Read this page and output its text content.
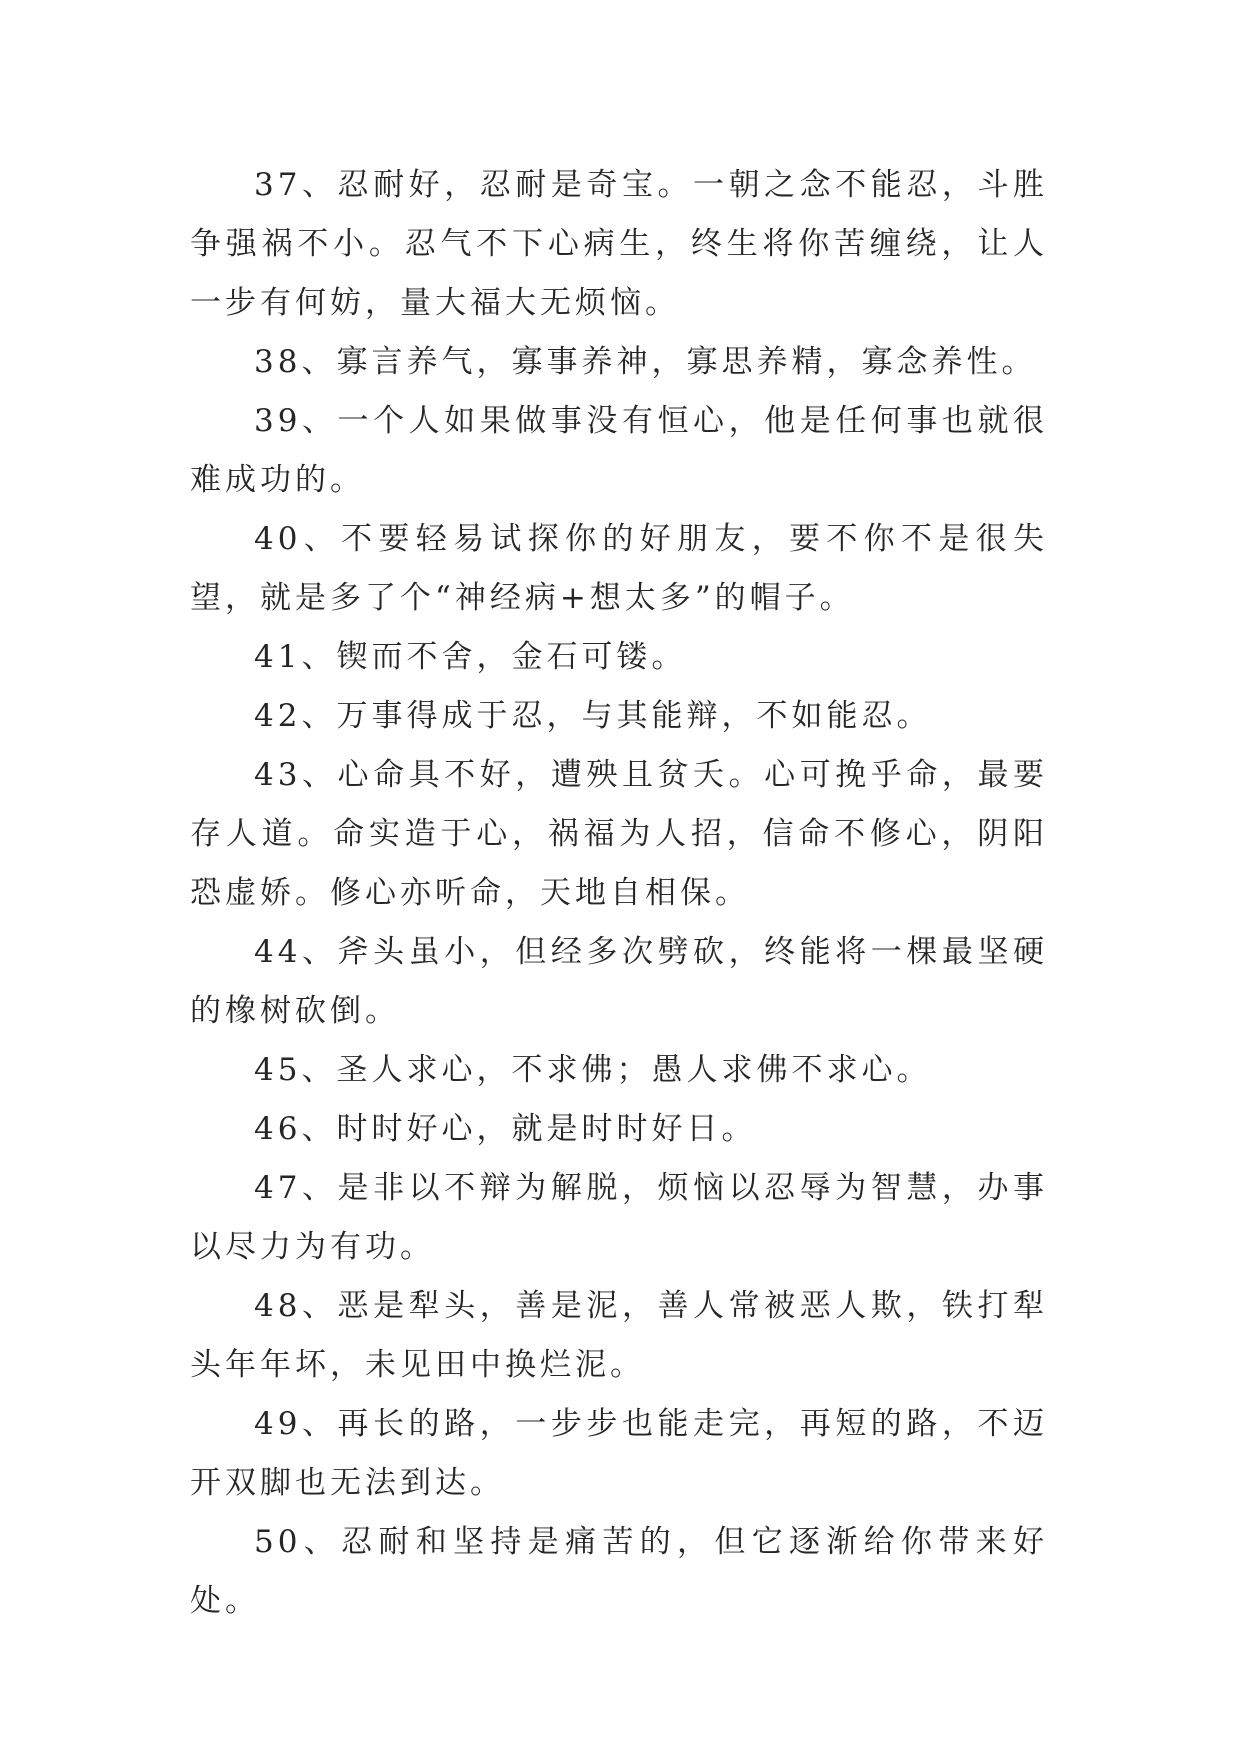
37、忍耐好，忍耐是奇宝。一朝之念不能忍，斗胜争强祸不小。忍气不下心病生，终生将你苦缠绕，让人一步有何妨，量大福大无烦恼。

38、寡言养气，寡事养神，寡思养精，寡念养性。

39、一个人如果做事没有恒心，他是任何事也就很难成功的。

40、不要轻易试探你的好朋友，要不你不是很失望，就是多了个“神经病+想太多”的帽子。

41、锲而不舍，金石可镂。

42、万事得成于忍，与其能辩，不如能忍。

43、心命具不好，遭殃且贫夭。心可挽乎命，最要存人道。命实造于心，祸福为人招，信命不修心，阴阳恐虚娇。修心亦听命，天地自相保。

44、斧头虽小，但经多次劈砍，终能将一棵最坚硬的橡树砍倒。

45、圣人求心，不求佛；愚人求佛不求心。

46、时时好心，就是时时好日。

47、是非以不辩为解脱，烦恼以忍辱为智慧，办事以尽力为有功。

48、恶是犁头，善是泥，善人常被恶人欺，铁打犁头年年坏，未见田中换烂泥。

49、再长的路，一步步也能走完，再短的路，不迈开双脚也无法到达。

50、忍耐和坚持是痛苦的，但它逐渐给你带来好处。
